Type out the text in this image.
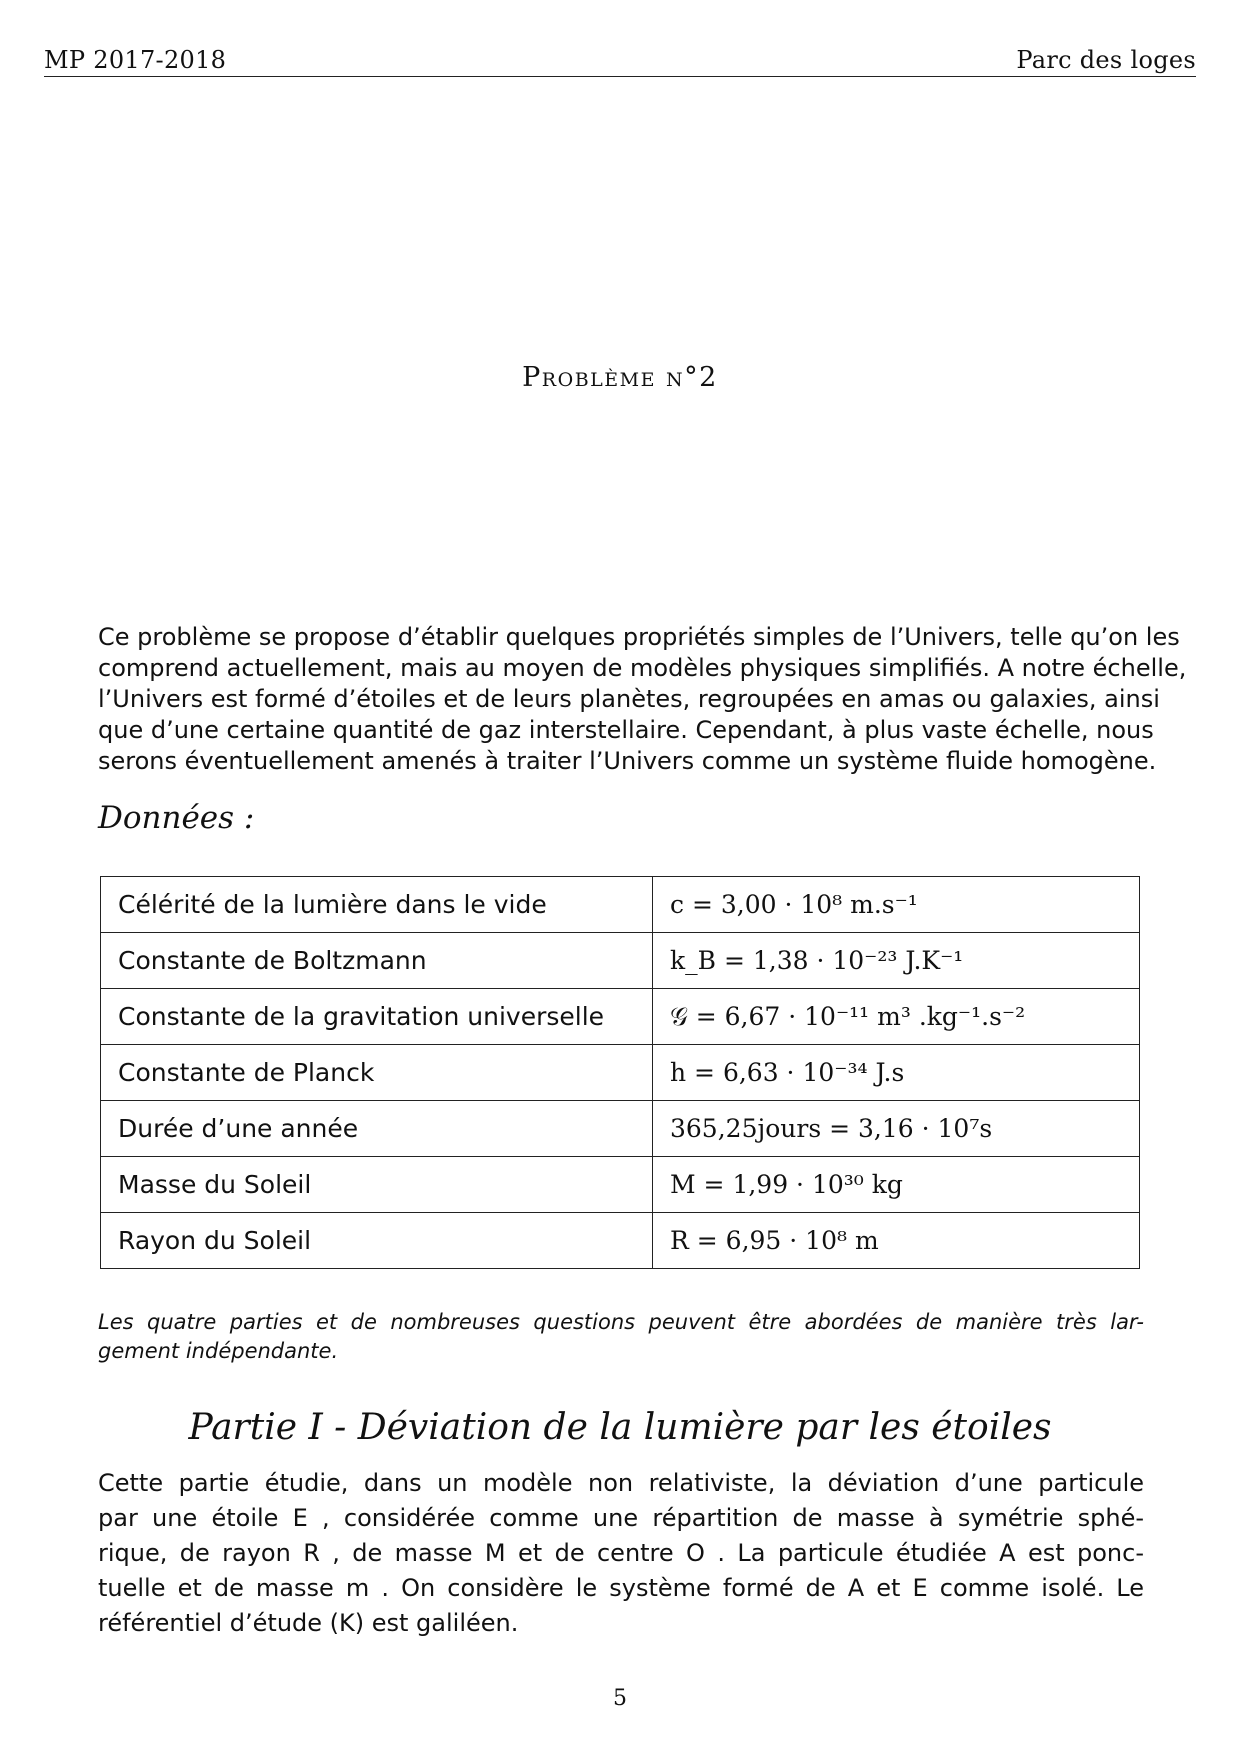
MP 2017-2018	Parc des loges
Problème n°2
Ce problème se propose d’établir quelques propriétés simples de l’Univers, telle qu’on les
comprend actuellement, mais au moyen de modèles physiques simplifiés. A notre échelle,
l’Univers est formé d’étoiles et de leurs planètes, regroupées en amas ou galaxies, ainsi
que d’une certaine quantité de gaz interstellaire. Cependant, à plus vaste échelle, nous
serons éventuellement amenés à traiter l’Univers comme un système fluide homogène.
Données :
Célérité de la lumière dans le vide	c = 3,00 · 10⁸ m.s⁻¹
Constante de Boltzmann	k_B = 1,38 · 10⁻²³ J.K⁻¹
Constante de la gravitation universelle	𝒢 = 6,67 · 10⁻¹¹ m³ .kg⁻¹.s⁻²
Constante de Planck	h = 6,63 · 10⁻³⁴ J.s
Durée d’une année	365,25jours = 3,16 · 10⁷s
Masse du Soleil	M = 1,99 · 10³⁰ kg
Rayon du Soleil	R = 6,95 · 10⁸ m
Les quatre parties et de nombreuses questions peuvent être abordées de manière très lar-
gement indépendante.
Partie I - Déviation de la lumière par les étoiles
Cette partie étudie, dans un modèle non relativiste, la déviation d’une particule
par une étoile E , considérée comme une répartition de masse à symétrie sphé-
rique, de rayon R , de masse M et de centre O . La particule étudiée A est ponc-
tuelle et de masse m . On considère le système formé de A et E comme isolé. Le
référentiel d’étude (K) est galiléen.
5
